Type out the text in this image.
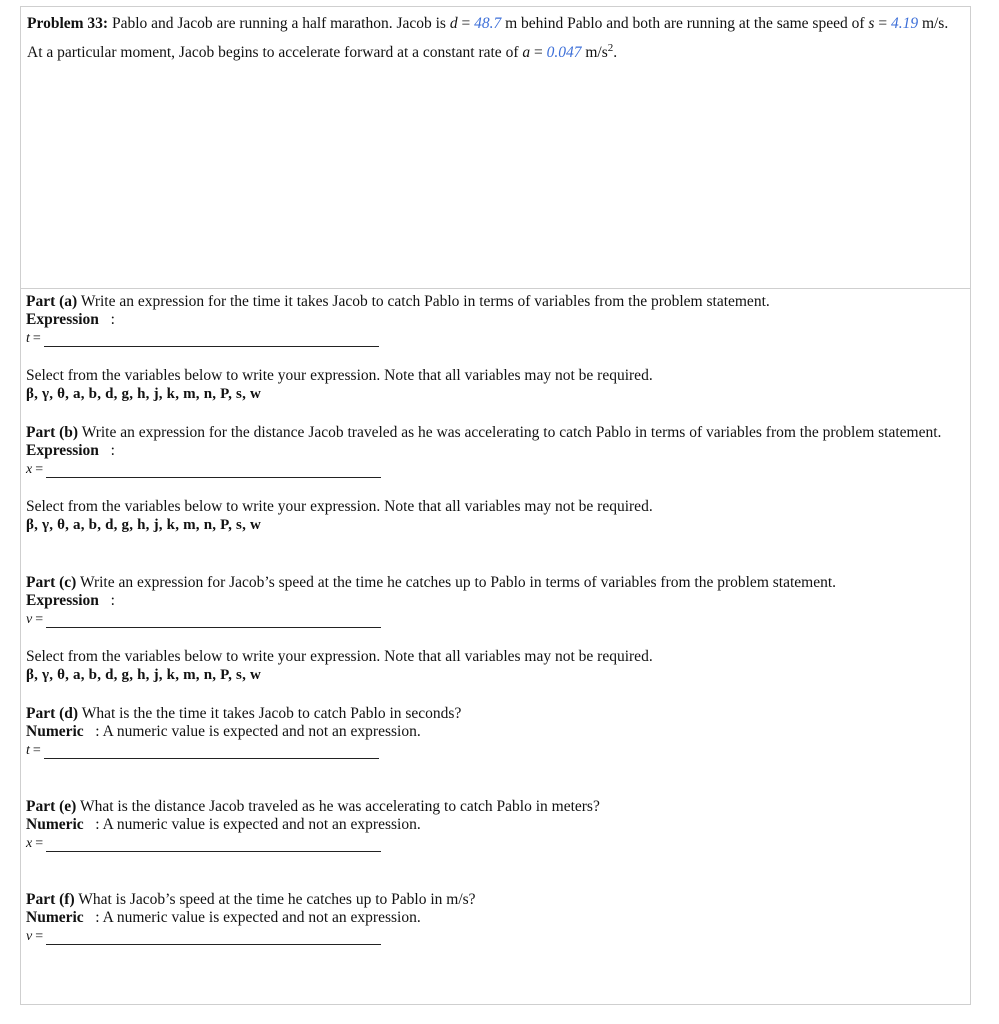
Problem 33: Pablo and Jacob are running a half marathon. Jacob is d = 48.7 m behind Pablo and both are running at the same speed of s = 4.19 m/s. At a particular moment, Jacob begins to accelerate forward at a constant rate of a = 0.047 $m/s^2$.
Part (a) Write an expression for the time it takes Jacob to catch Pablo in terms of variables from the problem statement.
Expression :
t =
Select from the variables below to write your expression. Note that all variables may not be required.
β, γ, θ, a, b, d, g, h, j, k, m, n, P, s, w
Part (b) Write an expression for the distance Jacob traveled as he was accelerating to catch Pablo in terms of variables from the problem statement.
Expression :
x =
Select from the variables below to write your expression. Note that all variables may not be required.
β, γ, θ, a, b, d, g, h, j, k, m, n, P, s, w
Part (c) Write an expression for Jacob’s speed at the time he catches up to Pablo in terms of variables from the problem statement.
Expression :
v =
Select from the variables below to write your expression. Note that all variables may not be required.
β, γ, θ, a, b, d, g, h, j, k, m, n, P, s, w
Part (d) What is the the time it takes Jacob to catch Pablo in seconds?
Numeric : A numeric value is expected and not an expression.
t =
Part (e) What is the distance Jacob traveled as he was accelerating to catch Pablo in meters?
Numeric : A numeric value is expected and not an expression.
x =
Part (f) What is Jacob’s speed at the time he catches up to Pablo in m/s?
Numeric : A numeric value is expected and not an expression.
v =
